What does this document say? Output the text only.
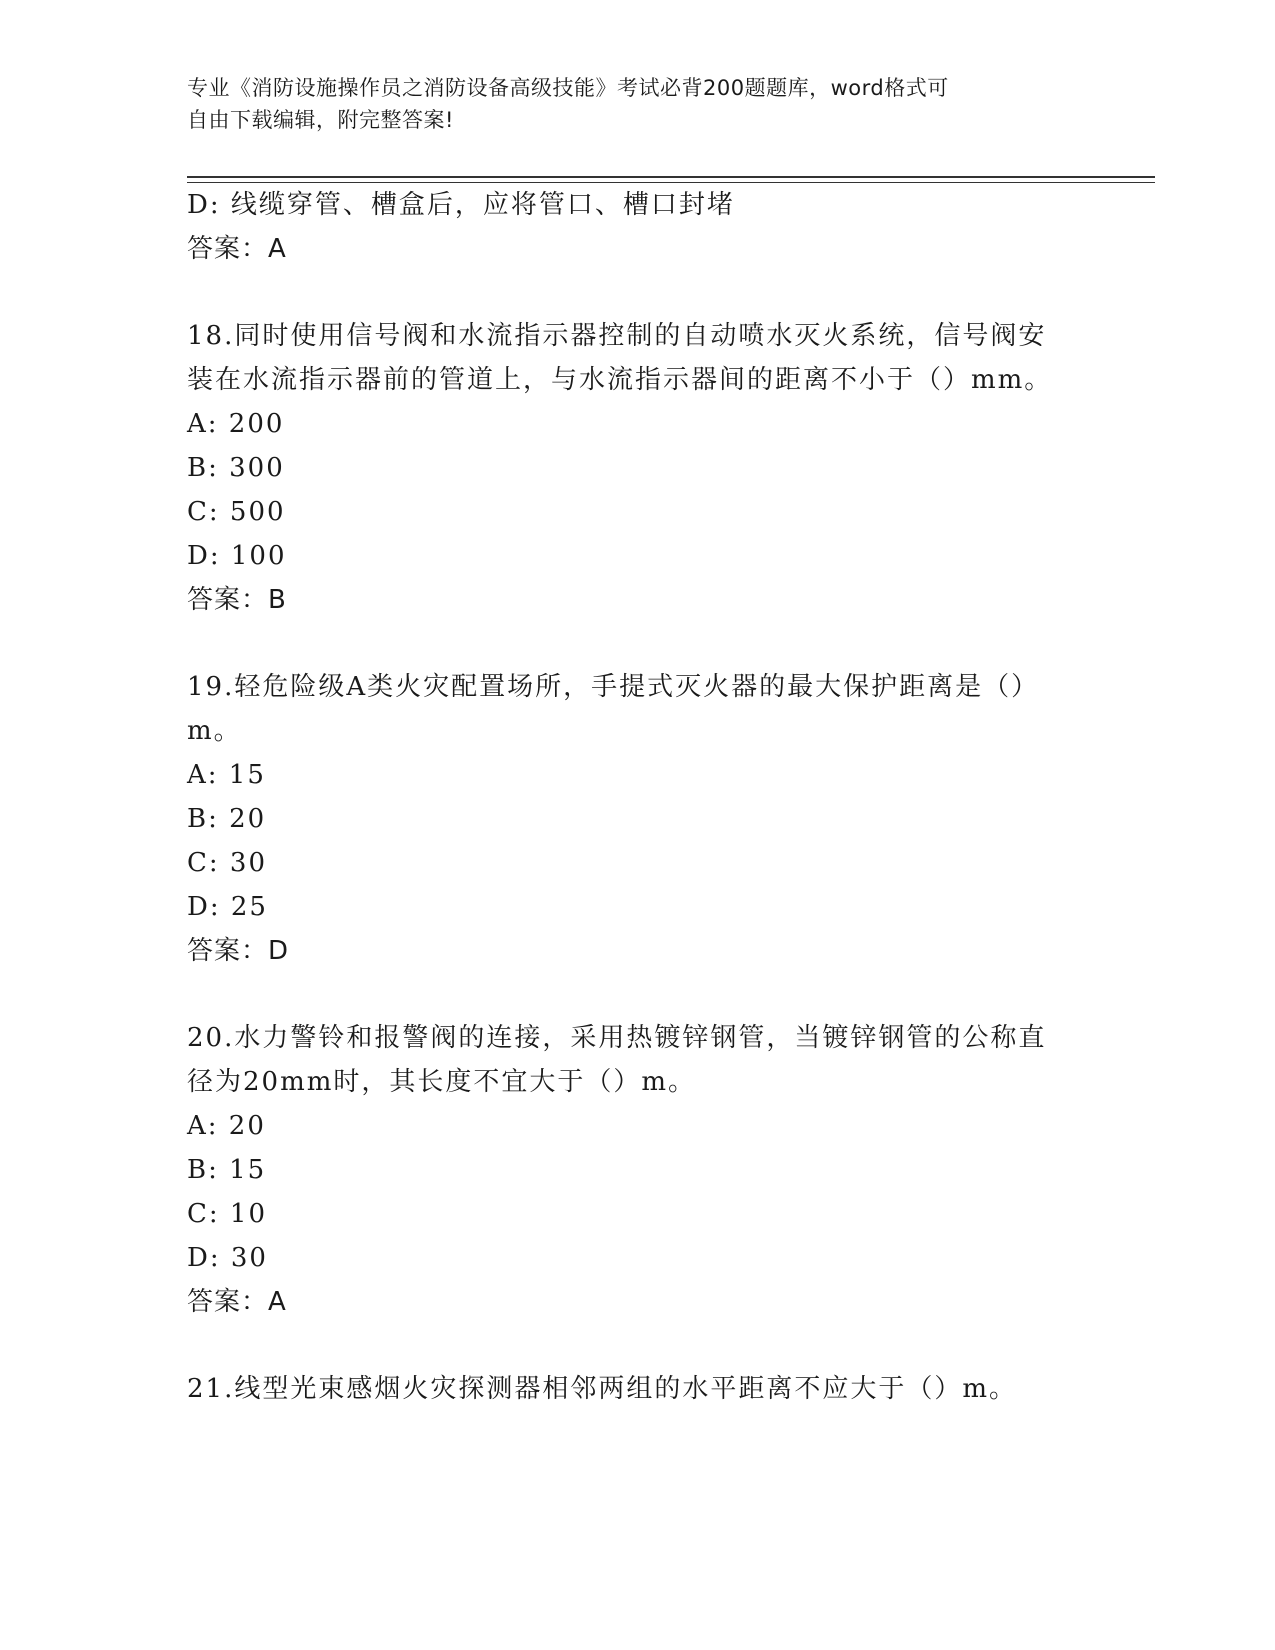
专业《消防设施操作员之消防设备高级技能》考试必背200题题库，word格式可
自由下载编辑，附完整答案!
D: 线缆穿管、槽盒后，应将管口、槽口封堵
答案：A
18.同时使用信号阀和水流指示器控制的自动喷水灭火系统，信号阀安
装在水流指示器前的管道上，与水流指示器间的距离不小于（）mm。
A: 200
B: 300
C: 500
D: 100
答案：B
19.轻危险级A类火灾配置场所，手提式灭火器的最大保护距离是（）
m。
A: 15
B: 20
C: 30
D: 25
答案：D
20.水力警铃和报警阀的连接，采用热镀锌钢管，当镀锌钢管的公称直
径为20mm时，其长度不宜大于（）m。
A: 20
B: 15
C: 10
D: 30
答案：A
21.线型光束感烟火灾探测器相邻两组的水平距离不应大于（）m。
